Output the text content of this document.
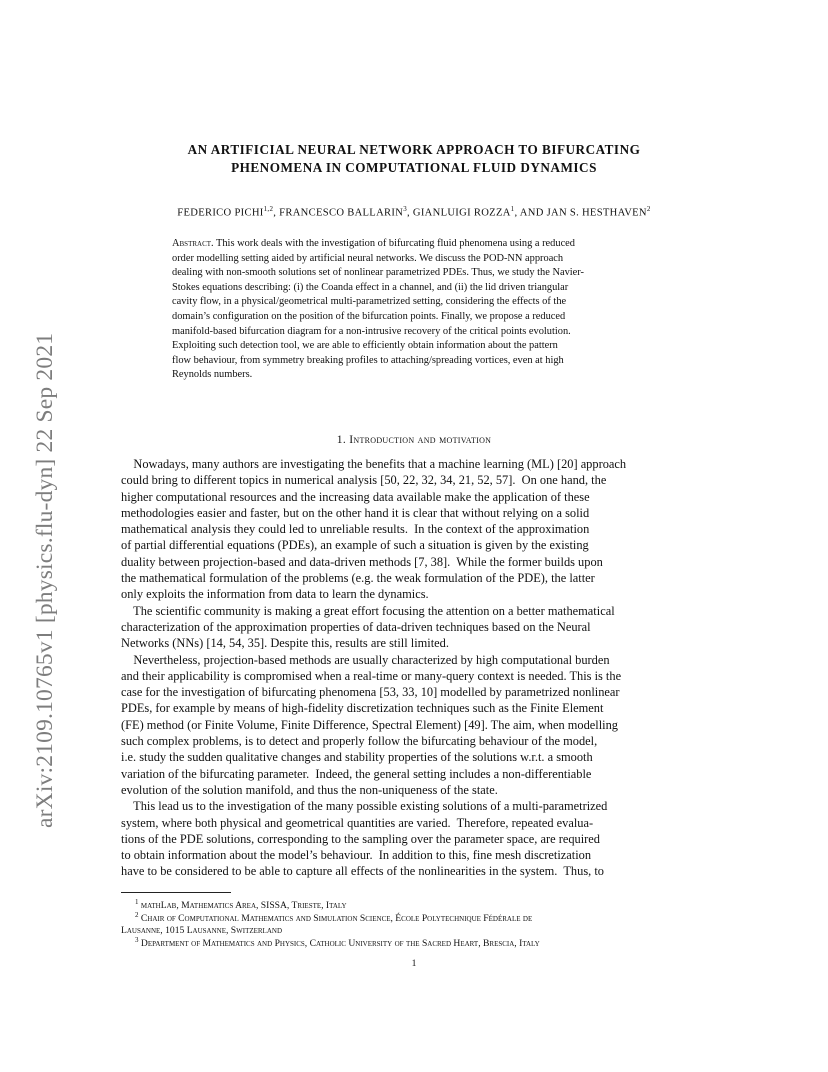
arXiv:2109.10765v1 [physics.flu-dyn] 22 Sep 2021
AN ARTIFICIAL NEURAL NETWORK APPROACH TO BIFURCATING
PHENOMENA IN COMPUTATIONAL FLUID DYNAMICS
FEDERICO PICHI$^{1,2}$, FRANCESCO BALLARIN$^3$, GIANLUIGI ROZZA$^1$, AND JAN S. HESTHAVEN$^2$
Abstract. This work deals with the investigation of bifurcating fluid phenomena using a reduced
order modelling setting aided by artificial neural networks. We discuss the POD-NN approach
dealing with non-smooth solutions set of nonlinear parametrized PDEs. Thus, we study the Navier-
Stokes equations describing: (i) the Coanda effect in a channel, and (ii) the lid driven triangular
cavity flow, in a physical/geometrical multi-parametrized setting, considering the effects of the
domain’s configuration on the position of the bifurcation points. Finally, we propose a reduced
manifold-based bifurcation diagram for a non-intrusive recovery of the critical points evolution.
Exploiting such detection tool, we are able to efficiently obtain information about the pattern
flow behaviour, from symmetry breaking profiles to attaching/spreading vortices, even at high
Reynolds numbers.
1. Introduction and motivation
Nowadays, many authors are investigating the benefits that a machine learning (ML) [20] approach
could bring to different topics in numerical analysis [50, 22, 32, 34, 21, 52, 57].  On one hand, the
higher computational resources and the increasing data available make the application of these
methodologies easier and faster, but on the other hand it is clear that without relying on a solid
mathematical analysis they could led to unreliable results.  In the context of the approximation
of partial differential equations (PDEs), an example of such a situation is given by the existing
duality between projection-based and data-driven methods [7, 38].  While the former builds upon
the mathematical formulation of the problems (e.g. the weak formulation of the PDE), the latter
only exploits the information from data to learn the dynamics.
The scientific community is making a great effort focusing the attention on a better mathematical
characterization of the approximation properties of data-driven techniques based on the Neural
Networks (NNs) [14, 54, 35]. Despite this, results are still limited.
Nevertheless, projection-based methods are usually characterized by high computational burden
and their applicability is compromised when a real-time or many-query context is needed. This is the
case for the investigation of bifurcating phenomena [53, 33, 10] modelled by parametrized nonlinear
PDEs, for example by means of high-fidelity discretization techniques such as the Finite Element
(FE) method (or Finite Volume, Finite Difference, Spectral Element) [49]. The aim, when modelling
such complex problems, is to detect and properly follow the bifurcating behaviour of the model,
i.e. study the sudden qualitative changes and stability properties of the solutions w.r.t. a smooth
variation of the bifurcating parameter.  Indeed, the general setting includes a non-differentiable
evolution of the solution manifold, and thus the non-uniqueness of the state.
This lead us to the investigation of the many possible existing solutions of a multi-parametrized
system, where both physical and geometrical quantities are varied.  Therefore, repeated evalua-
tions of the PDE solutions, corresponding to the sampling over the parameter space, are required
to obtain information about the model’s behaviour.  In addition to this, fine mesh discretization
have to be considered to be able to capture all effects of the nonlinearities in the system.  Thus, to
$^1$ mathLab, Mathematics Area, SISSA, Trieste, Italy
$^2$ Chair of Computational Mathematics and Simulation Science, École Polytechnique Fédérale de
Lausanne, 1015 Lausanne, Switzerland
$^3$ Department of Mathematics and Physics, Catholic University of the Sacred Heart, Brescia, Italy
1
